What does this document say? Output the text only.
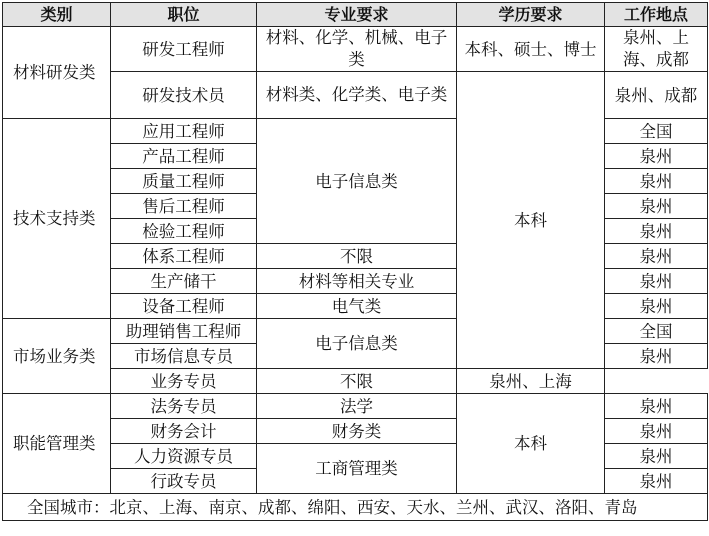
类别	职位	专业要求	学历要求	工作地点
材料研发类	研发工程师	材料、化学、机械、电子类	本科、硕士、博士	泉州、上海、成都
	研发技术员	材料类、化学类、电子类	本科	泉州、成都
技术支持类	应用工程师	电子信息类		全国
	产品工程师			泉州
	质量工程师			泉州
	售后工程师			泉州
	检验工程师			泉州
	体系工程师	不限		泉州
	生产储干	材料等相关专业		泉州
	设备工程师	电气类		泉州
市场业务类	助理销售工程师	电子信息类		全国
	市场信息专员			泉州
	业务专员	不限	泉州、上海	
职能管理类	法务专员	法学	本科	泉州
	财务会计	财务类		泉州
	人力资源专员	工商管理类		泉州
	行政专员			泉州
全国城市：北京、上海、南京、成都、绵阳、西安、天水、兰州、武汉、洛阳、青岛				
